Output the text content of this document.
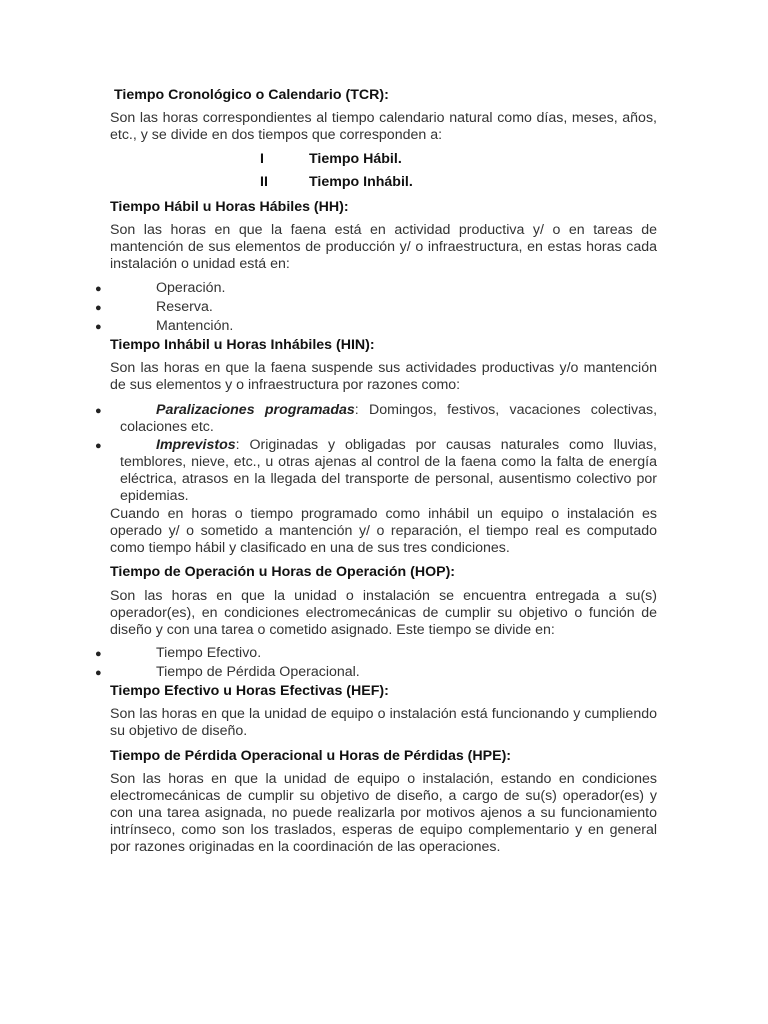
Tiempo Cronológico o Calendario (TCR):
Son las horas correspondientes al tiempo calendario natural como días, meses, años, etc., y se divide en dos tiempos que corresponden a:
I	Tiempo Hábil.
II	Tiempo Inhábil.
Tiempo Hábil u Horas Hábiles (HH):
Son las horas en que la faena está en actividad productiva y/ o en tareas de mantención de sus elementos de producción y/ o infraestructura, en estas horas cada instalación o unidad está en:
●	Operación.
●	Reserva.
●	Mantención.
Tiempo Inhábil u Horas Inhábiles (HIN):
Son las horas en que la faena suspende sus actividades productivas y/o mantención de sus elementos y o infraestructura por razones como:
●	Paralizaciones programadas: Domingos, festivos, vacaciones colectivas, colaciones etc.
●	Imprevistos: Originadas y obligadas por causas naturales como lluvias, temblores, nieve, etc., u otras ajenas al control de la faena como la falta de energía eléctrica, atrasos en la llegada del transporte de personal, ausentismo colectivo por epidemias.
Cuando en horas o tiempo programado como inhábil un equipo o instalación es operado y/ o sometido a mantención y/ o reparación, el tiempo real es computado como tiempo hábil y clasificado en una de sus tres condiciones.
Tiempo de Operación u Horas de Operación (HOP):
Son las horas en que la unidad o instalación se encuentra entregada a su(s) operador(es), en condiciones electromecánicas de cumplir su objetivo o función de diseño y con una tarea o cometido asignado. Este tiempo se divide en:
●	Tiempo Efectivo.
●	Tiempo de Pérdida Operacional.
Tiempo Efectivo u Horas Efectivas (HEF):
Son las horas en que la unidad de equipo o instalación está funcionando y cumpliendo su objetivo de diseño.
Tiempo de Pérdida Operacional u Horas de Pérdidas (HPE):
Son las horas en que la unidad de equipo o instalación, estando en condiciones electromecánicas de cumplir su objetivo de diseño, a cargo de su(s) operador(es) y con una tarea asignada, no puede realizarla por motivos ajenos a su funcionamiento intrínseco, como son los traslados, esperas de equipo complementario y en general por razones originadas en la coordinación de las operaciones.
